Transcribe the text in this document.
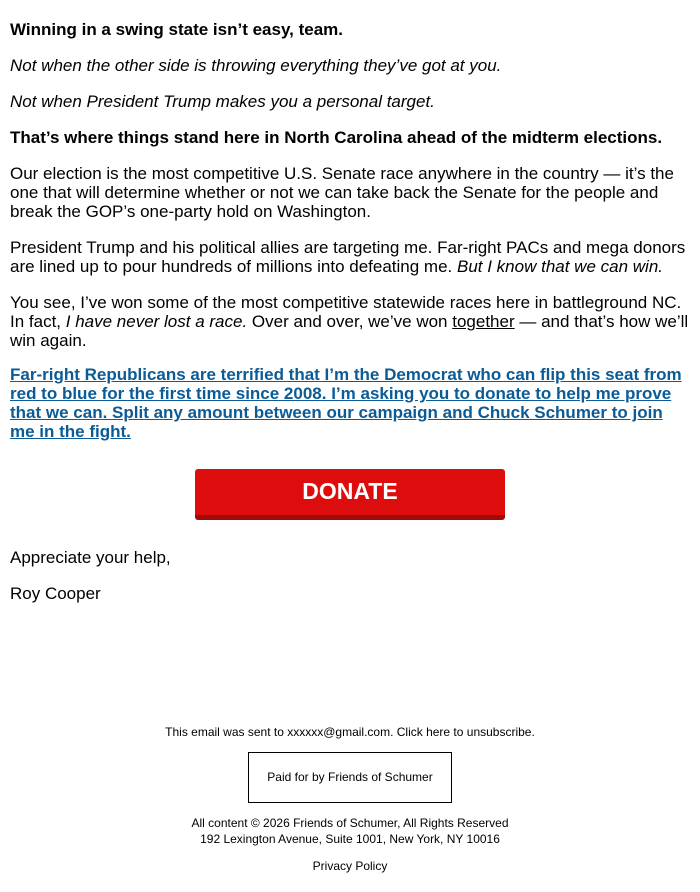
Winning in a swing state isn’t easy, team.

Not when the other side is throwing everything they’ve got at you.

Not when President Trump makes you a personal target.

That’s where things stand here in North Carolina ahead of the midterm elections.

Our election is the most competitive U.S. Senate race anywhere in the country — it’s the one that will determine whether or not we can take back the Senate for the people and break the GOP’s one-party hold on Washington.

President Trump and his political allies are targeting me. Far-right PACs and mega donors are lined up to pour hundreds of millions into defeating me. But I know that we can win.

You see, I’ve won some of the most competitive statewide races here in battleground NC. In fact, I have never lost a race. Over and over, we’ve won together — and that’s how we’ll win again.

Far-right Republicans are terrified that I’m the Democrat who can flip this seat from red to blue for the first time since 2008. I’m asking you to donate to help me prove that we can. Split any amount between our campaign and Chuck Schumer to join me in the fight.
DONATE

Appreciate your help,

Roy Cooper

This email was sent to xxxxxx@gmail.com. Click here to unsubscribe.

Paid for by Friends of Schumer

All content © 2026 Friends of Schumer, All Rights Reserved

192 Lexington Avenue, Suite 1001, New York, NY 10016

Privacy Policy
